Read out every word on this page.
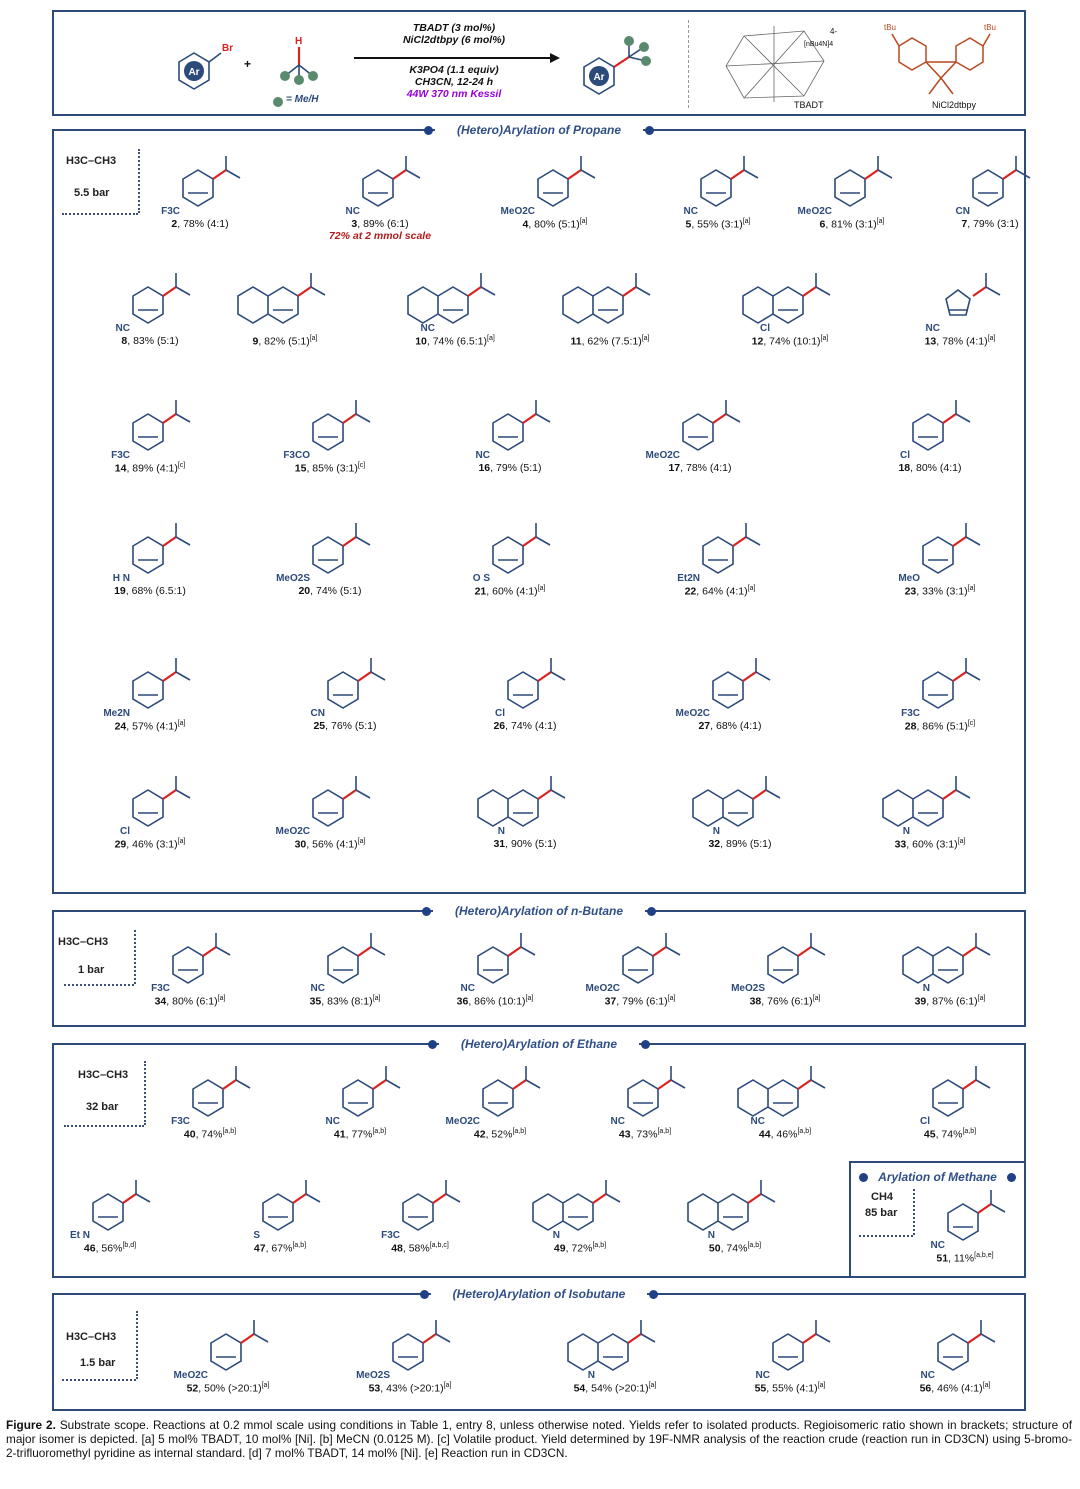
Ar
Br
+
H
= Me/H
TBADT (3 mol%)
NiCl2dtbpy (6 mol%)
K3PO4 (1.1 equiv)
CH3CN, 12-24 h
44W 370 nm Kessil
Ar
4-
[nBu4N]4
TBADT
tBu	tBu
NiCl2dtbpy
(Hetero)Arylation of Propane
H3C–CH3
5.5 bar
(Hetero)Arylation of n-Butane
H3C–CH3
1 bar
(Hetero)Arylation of Ethane
H3C–CH3
32 bar
Arylation of Methane
CH4
85 bar
(Hetero)Arylation of Isobutane
H3C–CH3
1.5 bar
F3C
2, 78% (4:1)
NC
3, 89% (6:1)
72% at 2 mmol scale
MeO2C
4, 80% (5:1)[a]
NC
5, 55% (3:1)[a]
MeO2C
6, 81% (3:1)[a]
CN
7, 79% (3:1)
NC
8, 83% (5:1)	9, 82% (5:1)[a]
NC
10, 74% (6.5:1)[a]	11, 62% (7.5:1)[a]
Cl
12, 74% (10:1)[a]
NC
13, 78% (4:1)[a]
F3C
14, 89% (4:1)[c]
F3CO
15, 85% (3:1)[c]
NC
16, 79% (5:1)
MeO2C
17, 78% (4:1)
Cl
18, 80% (4:1)
H N
19, 68% (6.5:1)
MeO2S
20, 74% (5:1)
O S
21, 60% (4:1)[a]
Et2N
22, 64% (4:1)[a]
MeO
23, 33% (3:1)[a]
Me2N
24, 57% (4:1)[a]
CN
25, 76% (5:1)
Cl
26, 74% (4:1)
MeO2C
27, 68% (4:1)
F3C
28, 86% (5:1)[c]
Cl
29, 46% (3:1)[a]
MeO2C
30, 56% (4:1)[a]
N
31, 90% (5:1)
N
32, 89% (5:1)
N
33, 60% (3:1)[a]
F3C
34, 80% (6:1)[a]
NC
35, 83% (8:1)[a]
NC
36, 86% (10:1)[a]
MeO2C
37, 79% (6:1)[a]
MeO2S
38, 76% (6:1)[a]
N
39, 87% (6:1)[a]
F3C
40, 74%[a,b]
NC
41, 77%[a,b]
MeO2C
42, 52%[a,b]
NC
43, 73%[a,b]
NC
44, 46%[a,b]
Cl
45, 74%[a,b]
Et N
46, 56%[b,d]
S
47, 67%[a,b]
F3C
48, 58%[a,b,c]
N
49, 72%[a,b]
N
50, 74%[a,b]	NC
51, 11%[a,b,e]
MeO2C
52, 50% (>20:1)[a]
MeO2S
53, 43% (>20:1)[a]
N
54, 54% (>20:1)[a]
NC
55, 55% (4:1)[a]
NC
56, 46% (4:1)[a]
Figure 2. Substrate scope. Reactions at 0.2 mmol scale using conditions in Table 1, entry 8, unless otherwise noted. Yields refer to isolated products. Regioisomeric ratio shown in brackets; structure of major isomer is depicted. [a] 5 mol% TBADT, 10 mol% [Ni]. [b] MeCN (0.0125 M). [c] Volatile product. Yield determined by 19F-NMR analysis of the reaction crude (reaction run in CD3CN) using 5-bromo-2-trifluoromethyl pyridine as internal standard. [d] 7 mol% TBADT, 14 mol% [Ni]. [e] Reaction run in CD3CN.
